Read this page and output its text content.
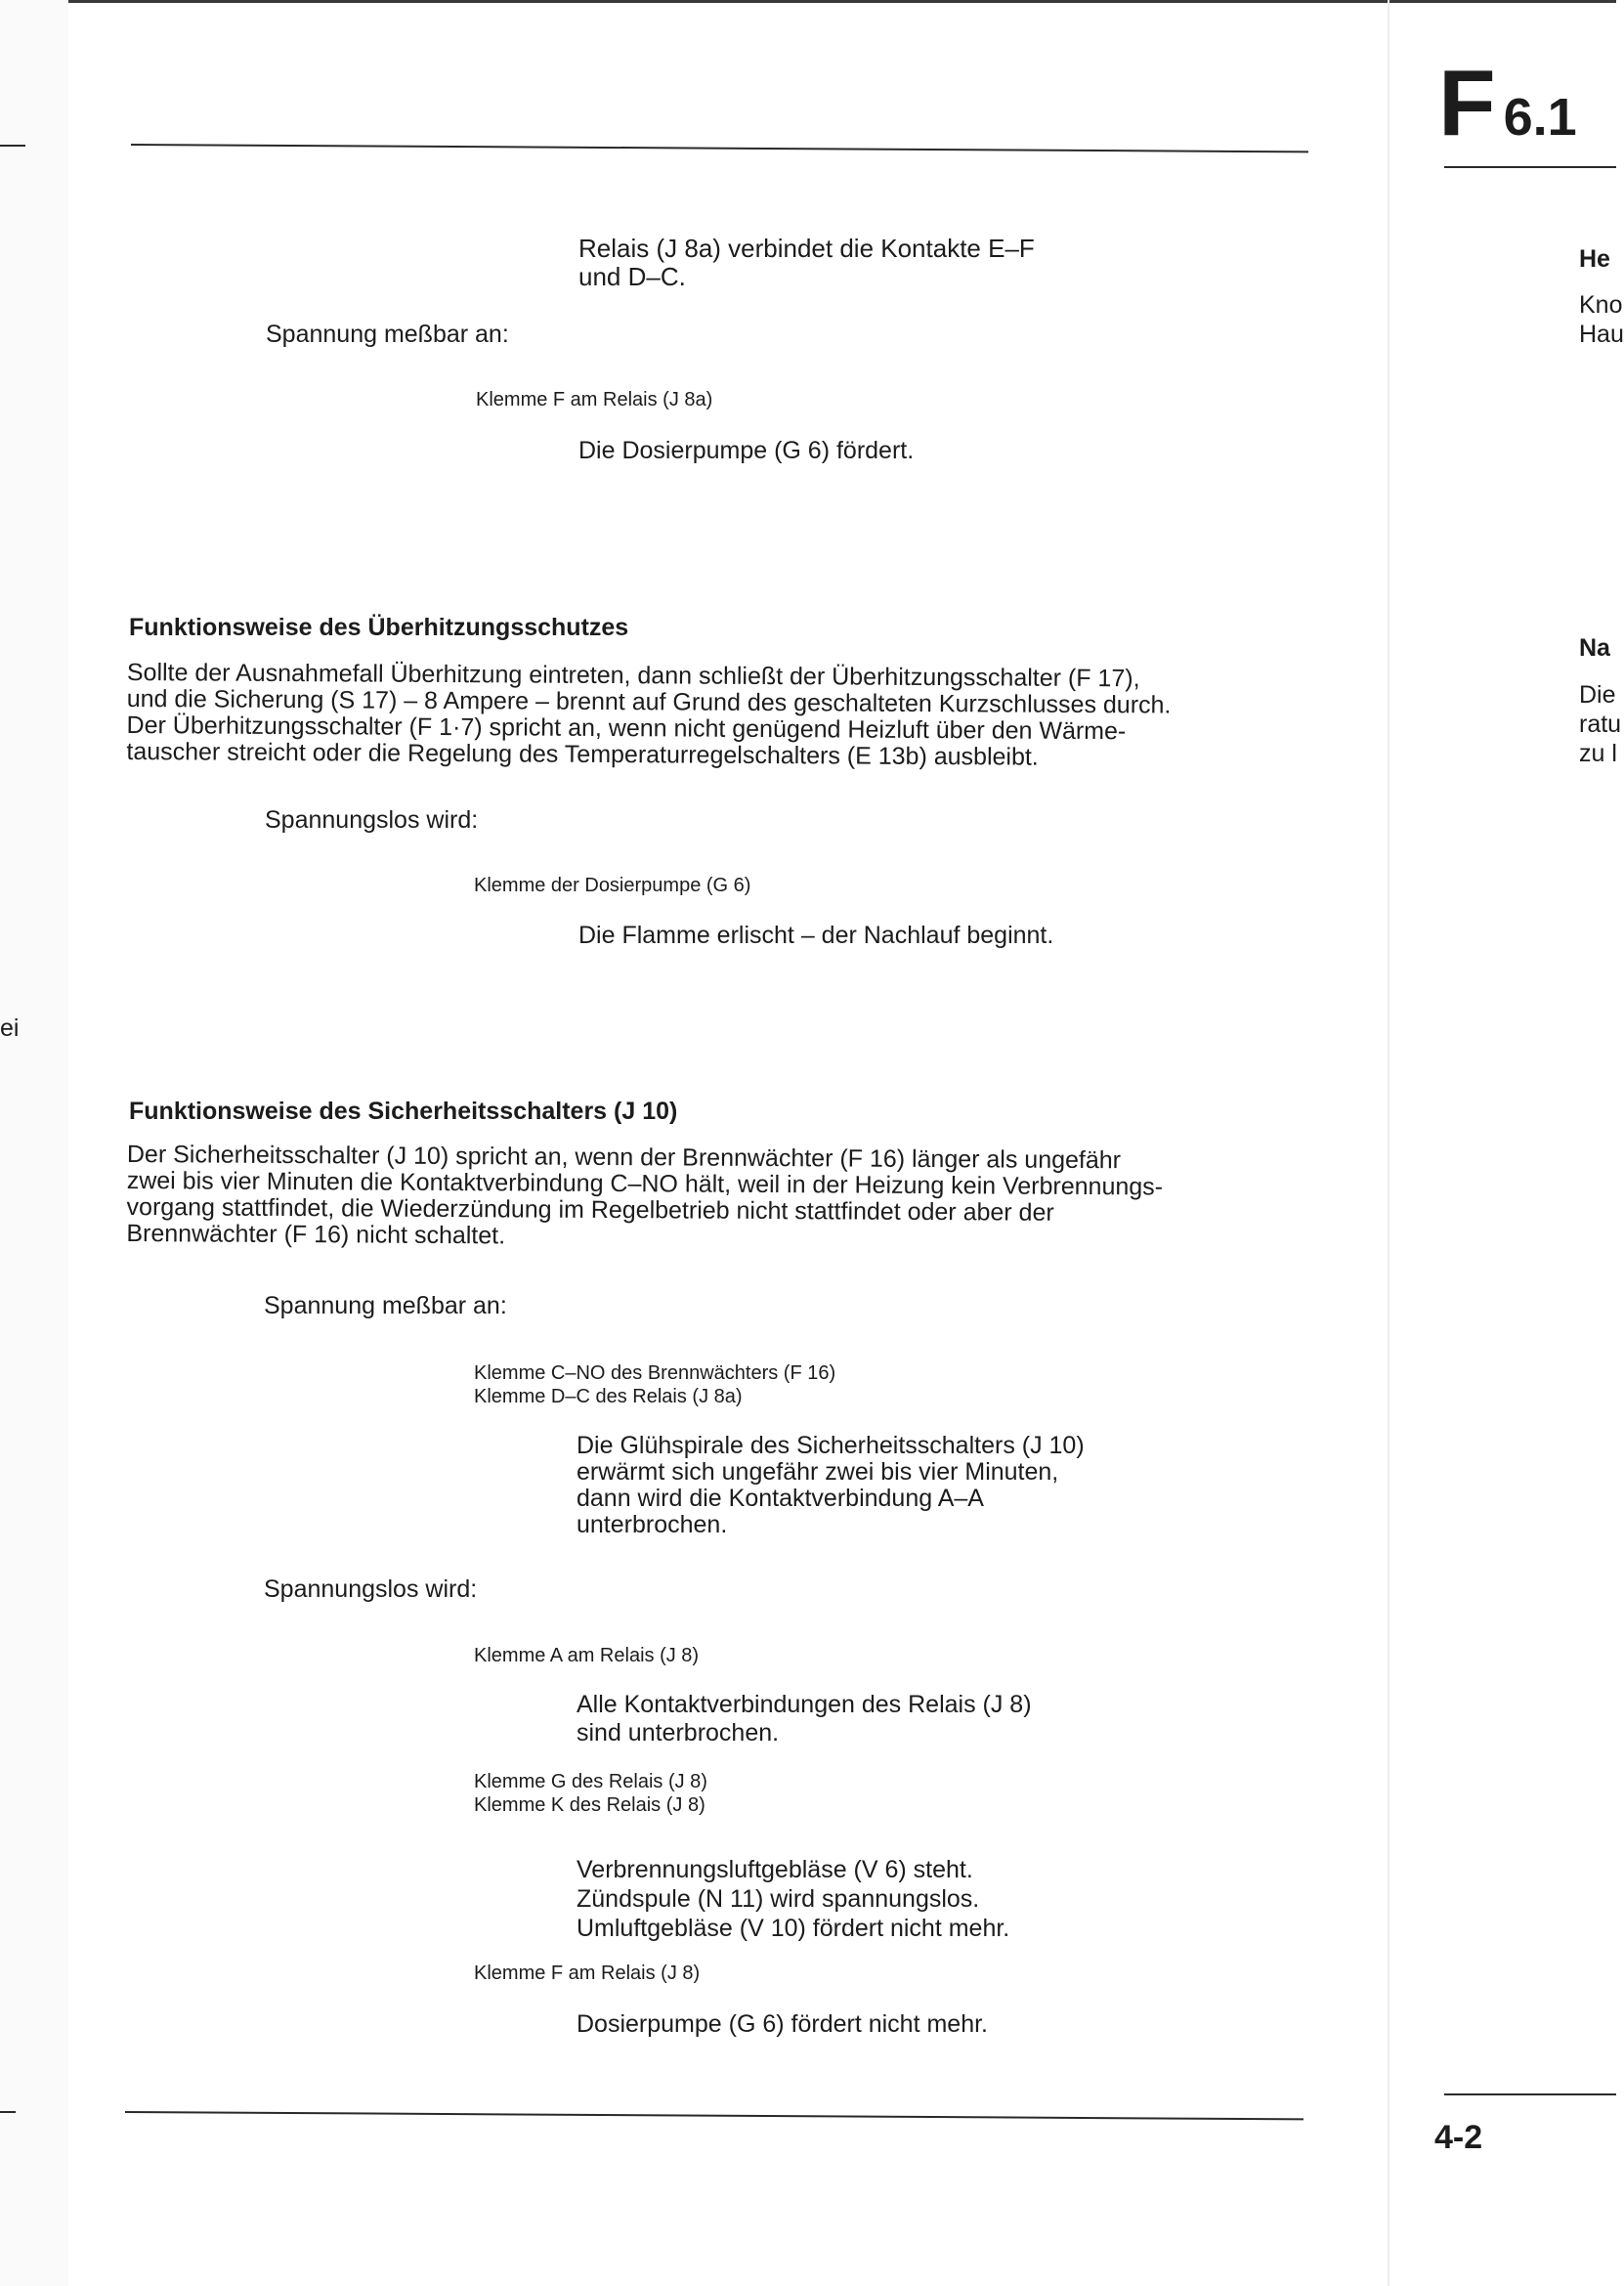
ei
F 6.1
He
Kno
Hau
Na
Die
ratu
zu l
Relais (J 8a) verbindet die Kontakte E–F
und D–C.
Spannung meßbar an:
Klemme F am Relais (J 8a)
Die Dosierpumpe (G 6) fördert.
Funktionsweise des Überhitzungsschutzes
Sollte der Ausnahmefall Überhitzung eintreten, dann schließt der Überhitzungsschalter (F 17),
und die Sicherung (S 17) – 8 Ampere – brennt auf Grund des geschalteten Kurzschlusses durch.
Der Überhitzungsschalter (F 1·7) spricht an, wenn nicht genügend Heizluft über den Wärme-
tauscher streicht oder die Regelung des Temperaturregelschalters (E 13b) ausbleibt.
Spannungslos wird:
Klemme der Dosierpumpe (G 6)
Die Flamme erlischt – der Nachlauf beginnt.
Funktionsweise des Sicherheitsschalters (J 10)
Der Sicherheitsschalter (J 10) spricht an, wenn der Brennwächter (F 16) länger als ungefähr
zwei bis vier Minuten die Kontaktverbindung C–NO hält, weil in der Heizung kein Verbrennungs-
vorgang stattfindet, die Wiederzündung im Regelbetrieb nicht stattfindet oder aber der
Brennwächter (F 16) nicht schaltet.
Spannung meßbar an:
Klemme C–NO des Brennwächters (F 16)
Klemme D–C des Relais (J 8a)
Die Glühspirale des Sicherheitsschalters (J 10)
erwärmt sich ungefähr zwei bis vier Minuten,
dann wird die Kontaktverbindung A–A
unterbrochen.
Spannungslos wird:
Klemme A am Relais (J 8)
Alle Kontaktverbindungen des Relais (J 8)
sind unterbrochen.
Klemme G des Relais (J 8)
Klemme K des Relais (J 8)
Verbrennungsluftgebläse (V 6) steht.
Zündspule (N 11) wird spannungslos.
Umluftgebläse (V 10) fördert nicht mehr.
Klemme F am Relais (J 8)
Dosierpumpe (G 6) fördert nicht mehr.
4-2
